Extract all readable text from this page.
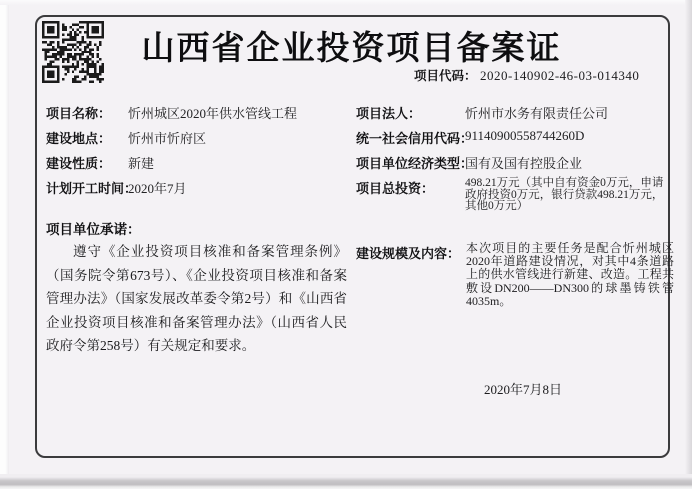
山西省企业投资项目备案证
项目代码： 2020-140902-46-03-014340
项目名称： 忻州城区2020年供水管线工程
建设地点： 忻州市忻府区
建设性质： 新建
计划开工时间：
2020年7月
项目法人：	忻州市水务有限责任公司
统一社会信用代码：
91140900558744260D
项目单位经济类型：
国有及国有控股企业
项目总投资：	498.21万元（其中自有资金0万元，申请政府投资0万元，银行贷款498.21万元，其他0万元）
项目单位承诺：
遵守《企业投资项目核准和备案管理条例》（国务院令第673号）、《企业投资项目核准和备案管理办法》（国家发展改革委令第2号）和《山西省企业投资项目核准和备案管理办法》（山西省人民政府令第258号）有关规定和要求。
建设规模及内容： 本次项目的主要任务是配合忻州城区2020年道路建设情况，对其中4条道路上的供水管线进行新建、改造。工程共敷设DN200——DN300的球墨铸铁管4035m。
2020年7月8日
